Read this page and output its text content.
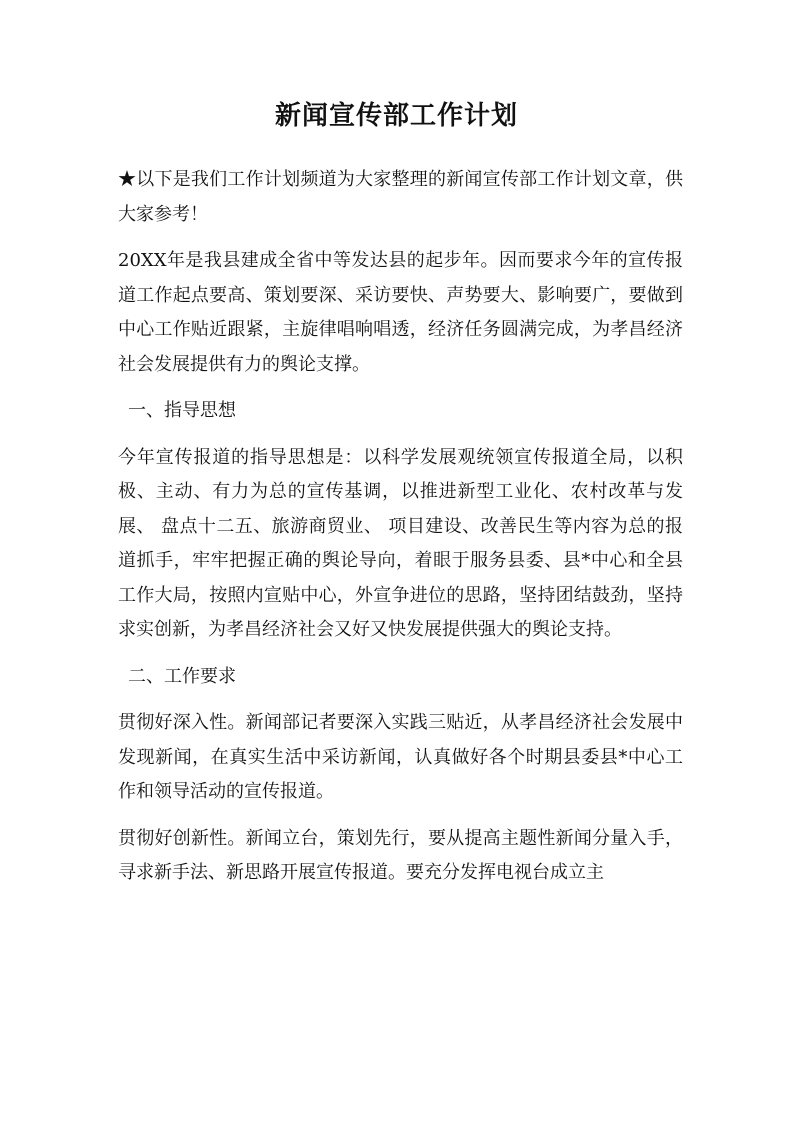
新闻宣传部工作计划

★以下是我们工作计划频道为大家整理的新闻宣传部工作计划文章，供大家参考！

20XX年是我县建成全省中等发达县的起步年。因而要求今年的宣传报道工作起点要高、策划要深、采访要快、声势要大、影响要广，要做到中心工作贴近跟紧，主旋律唱响唱透，经济任务圆满完成，为孝昌经济社会发展提供有力的舆论支撑。

一、指导思想

今年宣传报道的指导思想是：以科学发展观统领宣传报道全局，以积极、主动、有力为总的宣传基调，以推进新型工业化、农村改革与发展、 盘点十二五、旅游商贸业、 项目建设、改善民生等内容为总的报道抓手，牢牢把握正确的舆论导向，着眼于服务县委、县*中心和全县工作大局，按照内宣贴中心，外宣争进位的思路，坚持团结鼓劲，坚持求实创新，为孝昌经济社会又好又快发展提供强大的舆论支持。

二、工作要求

贯彻好深入性。新闻部记者要深入实践三贴近，从孝昌经济社会发展中发现新闻，在真实生活中采访新闻，认真做好各个时期县委县*中心工作和领导活动的宣传报道。

贯彻好创新性。新闻立台，策划先行，要从提高主题性新闻分量入手，寻求新手法、新思路开展宣传报道。要充分发挥电视台成立主
